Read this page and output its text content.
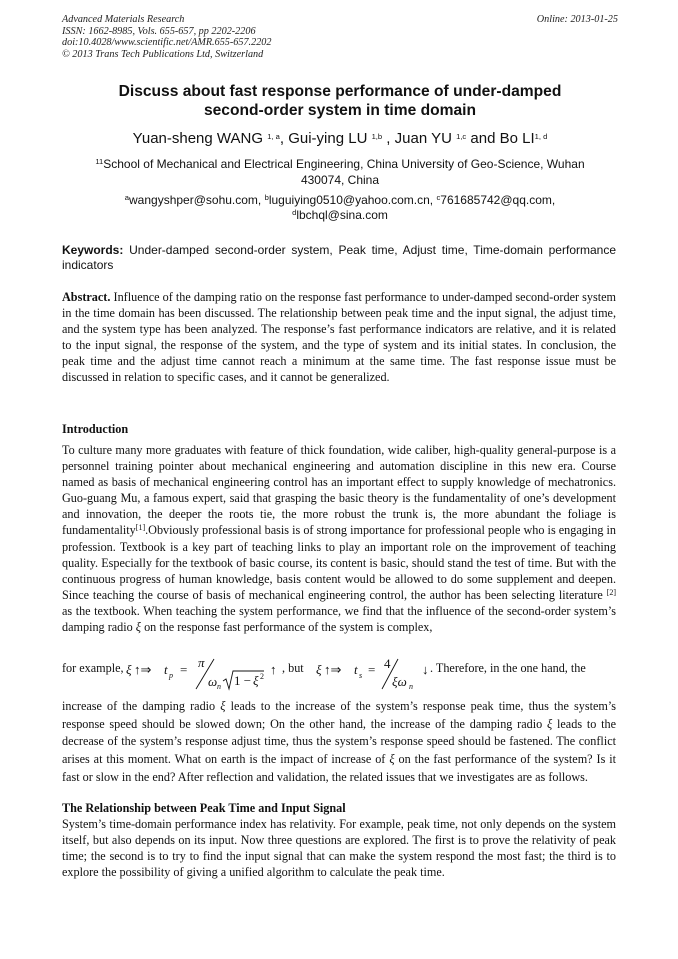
Advanced Materials Research
ISSN: 1662-8985, Vols. 655-657, pp 2202-2206
doi:10.4028/www.scientific.net/AMR.655-657.2202
© 2013 Trans Tech Publications Ltd, Switzerland
Online: 2013-01-25
Discuss about fast response performance of under-damped
second-order system in time domain
Yuan-sheng WANG $^{1, a}$, Gui-ying LU $^{1,b}$ , Juan YU $^{1,c}$ and Bo LI$^{1, d}$
$^{11}$School of Mechanical and Electrical Engineering, China University of Geo-Science, Wuhan
430074, China
$^a$wangyshper@sohu.com, $^b$luguiying0510@yahoo.com.cn, $^c$761685742@qq.com,
$^d$lbchql@sina.com
Keywords: Under-damped second-order system, Peak time, Adjust time, Time-domain performance indicators
Abstract. Influence of the damping ratio on the response fast performance to under-damped second-order system in the time domain has been discussed. The relationship between peak time and the input signal, the adjust time, and the system type has been analyzed. The response’s fast performance indicators are relative, and it is related to the input signal, the response of the system, and the type of system and its initial states. In conclusion, the peak time and the adjust time cannot reach a minimum at the same time. The fast response issue must be discussed in relation to specific cases, and it cannot be generalized.
Introduction
To culture many more graduates with feature of thick foundation, wide caliber, high-quality general-purpose is a personnel training pointer about mechanical engineering and automation discipline in this new era. Course named as basis of mechanical engineering control has an important effect to supply knowledge of mechatronics. Guo-guang Mu, a famous expert, said that grasping the basic theory is the fundamentality of one’s development and innovation, the deeper the roots tie, the more robust the trunk is, the more abundant the foliage is fundamentality[1].Obviously professional basis is of strong importance for professional people who is engaging in profession. Textbook is a key part of teaching links to play an important role on the improvement of teaching quality. Especially for the textbook of basic course, its content is basic, should stand the test of time. But with the continuous progress of human knowledge, basis content would be allowed to do some supplement and deepen. Since teaching the course of basis of mechanical engineering control, the author has been selecting literature [2] as the textbook. When teaching the system performance, we find that the influence of the second-order system’s damping radio ξ on the response fast performance of the system is complex,
for example, ξ ↑⇒ t p = π
ω n 1 − ξ 2 ↑ , but ξ ↑⇒ t s = 4
ξω n
↓ . Therefore, in the one hand, the
increase of the damping radio ξ leads to the increase of the system’s response peak time, thus the system’s response speed should be slowed down; On the other hand, the increase of the damping radio ξ leads to the decrease of the system’s response adjust time, thus the system’s response speed should be fastened. The conflict arises at this moment. What on earth is the impact of increase of ξ on the fast performance of the system? Is it fast or slow in the end? After reflection and validation, the related issues that we investigates are as follows.
The Relationship between Peak Time and Input Signal
System’s time-domain performance index has relativity. For example, peak time, not only depends on the system itself, but also depends on its input. Now three questions are explored. The first is to prove the relativity of peak time; the second is to try to find the input signal that can make the system respond the most fast; the third is to explore the possibility of giving a unified algorithm to calculate the peak time.
